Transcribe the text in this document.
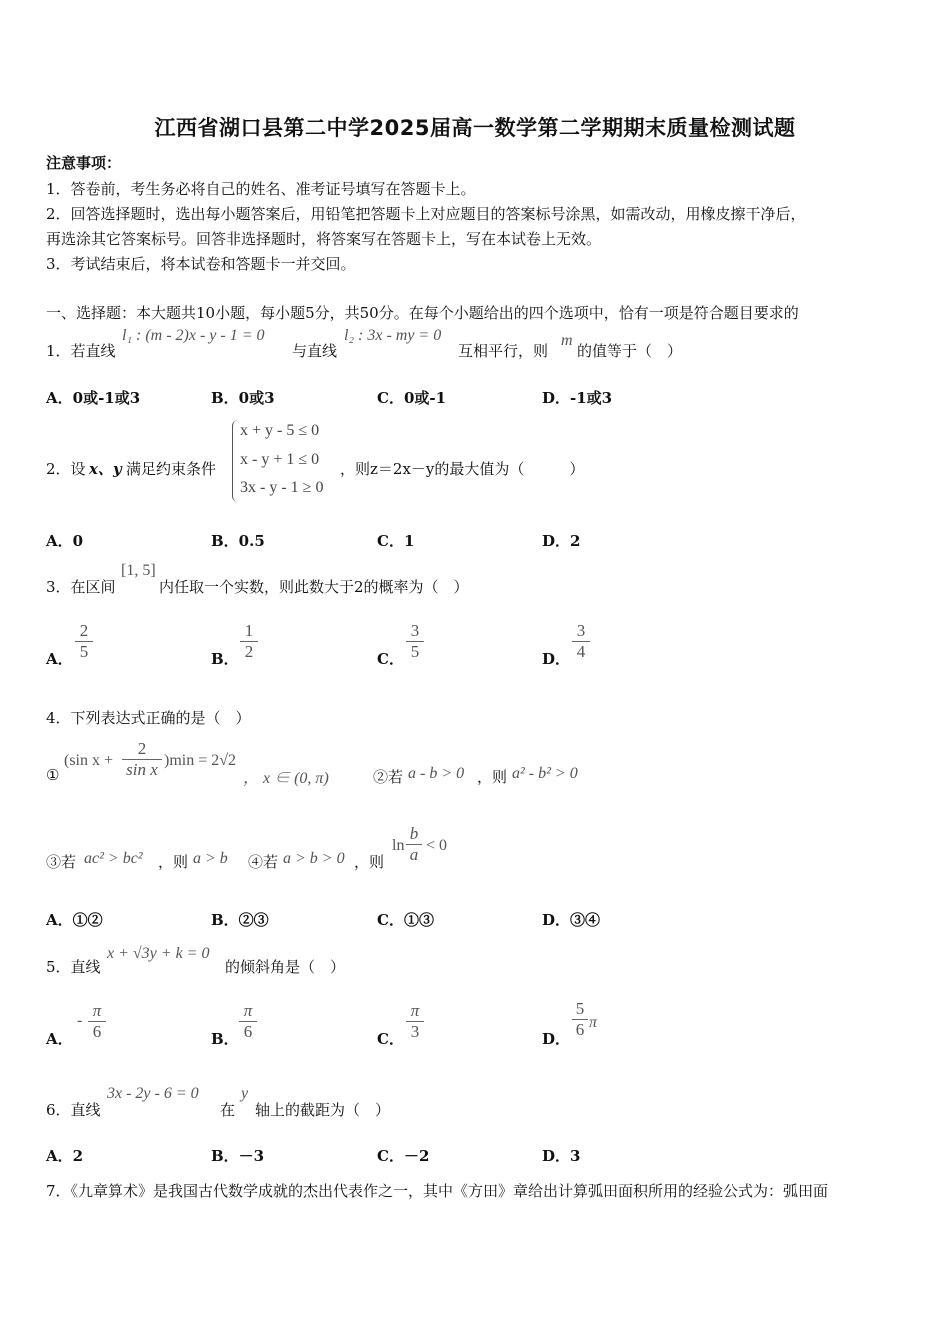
江西省湖口县第二中学2025届高一数学第二学期期末质量检测试题
注意事项：
1．答卷前，考生务必将自己的姓名、准考证号填写在答题卡上。
2．回答选择题时，选出每小题答案后，用铅笔把答题卡上对应题目的答案标号涂黑，如需改动，用橡皮擦干净后，
再选涂其它答案标号。回答非选择题时，将答案写在答题卡上，写在本试卷上无效。
3．考试结束后，将本试卷和答题卡一并交回。
一、选择题：本大题共10小题，每小题5分，共50分。在每个小题给出的四个选项中，恰有一项是符合题目要求的
1．若直线
l₁ : (m - 2)x - y - 1 = 0
与直线
l₂ : 3x - my = 0
互相平行，则
m
的值等于（　）
A．0或-1或3	B．0或3	C．0或-1	D．-1或3
2．设 x、y 满足约束条件
x + y - 5 ≤ 0
x - y + 1 ≤ 0
3x - y - 1 ≥ 0
，则z＝2x－y的最大值为（　　　）
A．0	B．0.5	C．1	D．2
3．在区间
[1, 5]
内任取一个实数，则此数大于2的概率为（　）
A．
2
5	B．
1
2	C．
3
5	D．
3
4
4．下列表达式正确的是（　）
①
(sin x +
2
sin x )min = 2√2
， x ∈ (0, π)	②若 a - b > 0 ，则 a² - b² > 0
③若 ac² > bc² ，则 a > b ④若 a > b > 0 ，则
ln
b
a < 0
A．①②	B．②③	C．①③	D．③④
5．直线
x + √3y + k = 0
的倾斜角是（　）
A．
-
π
6	B．
π
6	C．
π
3	D．
5
6 π
6．直线
3x - 2y - 6 = 0
在
y
轴上的截距为（　）
A．2	B．－3	C．－2	D．3
7．《九章算术》是我国古代数学成就的杰出代表作之一，其中《方田》章给出计算弧田面积所用的经验公式为：弧田面
